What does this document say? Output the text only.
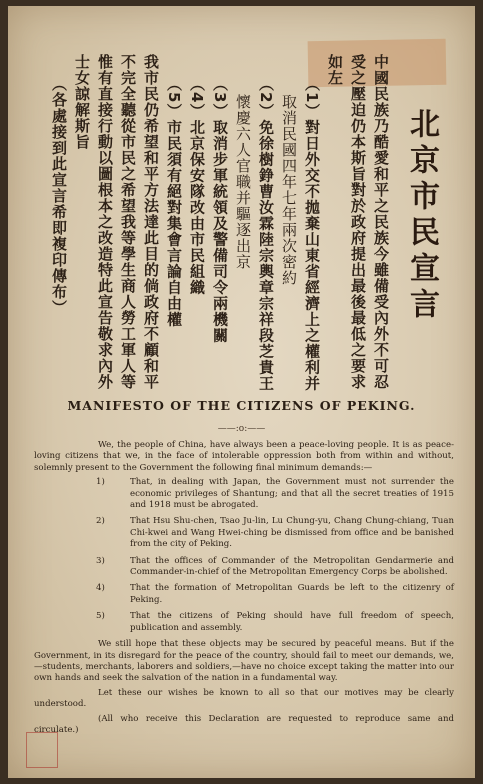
北京市民宣言
中國民族乃酷愛和平之民族今雖備受內外不可忍
受之壓迫仍本斯旨對於政府提出最後最低之要求
如左
（1）對日外交不拋棄山東省經濟上之權利并
取消民國四年七年兩次密約
（2）免徐樹錚曹汝霖陸宗輿章宗祥段芝貴王
懷慶六人官職并驅逐出京
（3）取消步軍統領及警備司令兩機關
（4）北京保安隊改由市民組織
（5）市民須有絕對集會言論自由權
我市民仍希望和平方法達此目的倘政府不顧和平
不完全聽從市民之希望我等學生商人勞工軍人等
惟有直接行動以圖根本之改造特此宣告敬求內外
士女諒解斯旨
（各處接到此宣言希即複印傳布）
MANIFESTO OF THE CITIZENS OF PEKING.
——:o:——

We, the people of China, have always been a peace-loving people. It is as peace-loving citizens that we, in the face of intolerable oppression both from within and without, solemnly present to the Government the following final minimum demands:—

1)	That, in dealing with Japan, the Government must not surrender the economic privileges of Shantung; and that all the secret treaties of 1915 and 1918 must be abrogated.
2)	That Hsu Shu-chen, Tsao Ju-lin, Lu Chung-yu, Chang Chung-chiang, Tuan Chi-kwei and Wang Hwei-ching be dismissed from office and be banished from the city of Peking.
3)	That the offices of Commander of the Metropolitan Gendarmerie and Commander-in-chief of the Metropolitan Emergency Corps be abolished.
4)	That the formation of Metropolitan Guards be left to the citizenry of Peking.
5)	That the citizens of Peking should have full freedom of speech, publication and assembly.

We still hope that these objects may be secured by peaceful means. But if the Government, in its disregard for the peace of the country, should fail to meet our demands, we,—students, merchants, laborers and soldiers,—have no choice except taking the matter into our own hands and seek the salvation of the nation in a fundamental way.

Let these our wishes be known to all so that our motives may be clearly understood.

(All who receive this Declaration are requested to reproduce same and circulate.)
